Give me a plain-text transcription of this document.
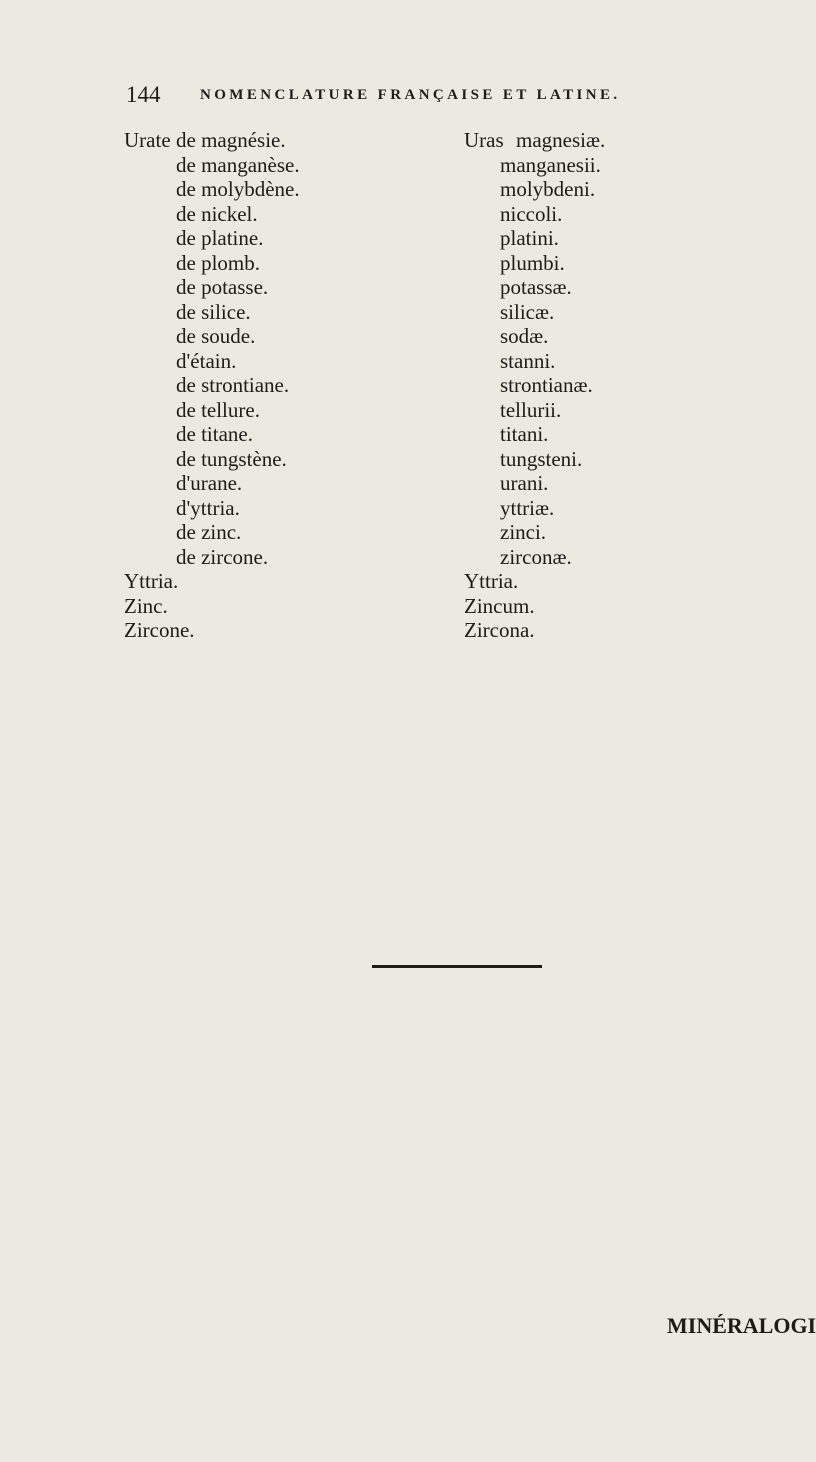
144	NOMENCLATURE FRANÇAISE ET LATINE.
Urate de magnésie.
de manganèse.
de molybdène.
de nickel.
de platine.
de plomb.
de potasse.
de silice.
de soude.
d'étain.
de strontiane.
de tellure.
de titane.
de tungstène.
d'urane.
d'yttria.
de zinc.
de zircone.
Yttria.
Zinc.
Zircone.
Uras magnesiæ.
manganesii.
molybdeni.
niccoli.
platini.
plumbi.
potassæ.
silicæ.
sodæ.
stanni.
strontianæ.
tellurii.
titani.
tungsteni.
urani.
yttriæ.
zinci.
zirconæ.
Yttria.
Zincum.
Zircona.
MINÉRALOGI
